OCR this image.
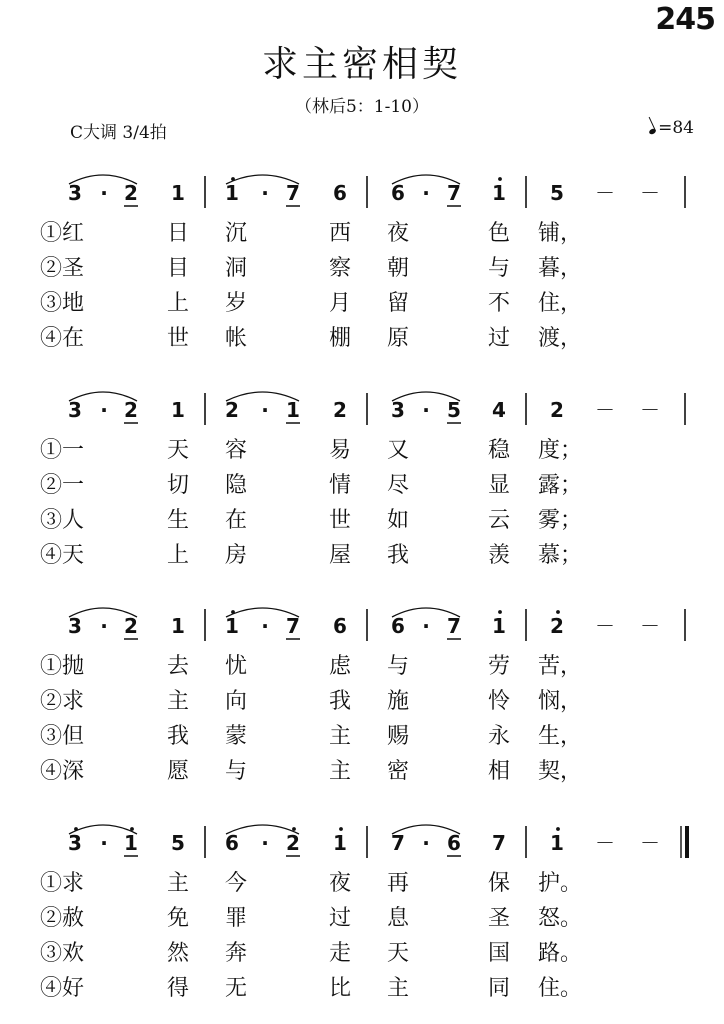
245
求主密相契
（林后5：1-10）
C大调 3/4拍	=84
3 · 2 1 1 · 7 6 6 · 7 1 5 － －
①红	日 沉	西 夜	色 铺，
②圣	目 洞	察 朝	与 暮，
③地	上 岁	月 留	不 住，
④在	世 帐	棚 原	过 渡，
3 · 2 1 2 · 1 2 3 · 5 4 2 － －
①一	天 容	易 又	稳 度；
②一	切 隐	情 尽	显 露；
③人	生 在	世 如	云 雾；
④天	上 房	屋 我	羡 慕；
3 · 2 1 1 · 7 6 6 · 7 1 2 － －
①抛	去 忧	虑 与	劳 苦，
②求	主 向	我 施	怜 悯，
③但	我 蒙	主 赐	永 生，
④深	愿 与	主 密	相 契，
3 · 1 5 6 · 2 1 7 · 6 7 1 － －
①求	主 今	夜 再	保 护。
②赦	免 罪	过 息	圣 怒。
③欢	然 奔	走 天	国 路。
④好	得 无	比 主	同 住。
